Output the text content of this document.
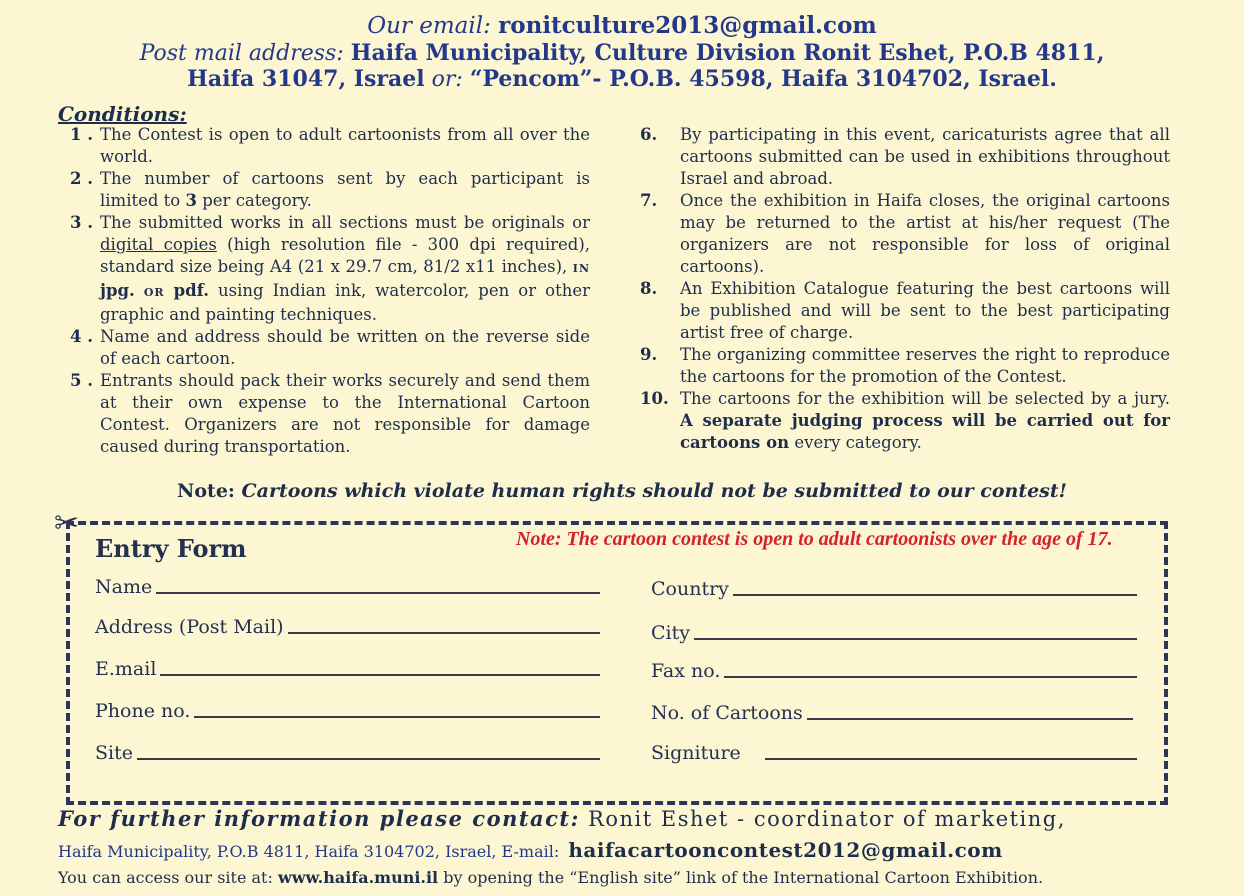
Our email: ronitculture2013@gmail.com
Post mail address: Haifa Municipality, Culture Division Ronit Eshet, P.O.B 4811,
Haifa 31047, Israel or: “Pencom”- P.O.B. 45598, Haifa 3104702, Israel.
Conditions:
1 . The Contest is open to adult cartoonists from all over the world.
2 . The number of cartoons sent by each participant is limited to 3 per category.
3 . The submitted works in all sections must be originals or digital copies (high resolution file - 300 dpi required), standard size being A4 (21 x 29.7 cm, 81/2 x11 inches), IN jpg. OR pdf. using Indian ink, watercolor, pen or other graphic and painting techniques.
4 . Name and address should be written on the reverse side of each cartoon.
5 . Entrants should pack their works securely and send them at their own expense to the International Cartoon Contest. Organizers are not responsible for damage caused during transportation.
6.	By participating in this event, caricaturists agree that all cartoons submitted can be used in exhibitions throughout Israel and abroad.
7.	Once the exhibition in Haifa closes, the original cartoons may be returned to the artist at his/her request (The organizers are not responsible for loss of original cartoons).
8.	An Exhibition Catalogue featuring the best cartoons will be published and will be sent to the best participating artist free of charge.
9.	The organizing committee reserves the right to reproduce the cartoons for the promotion of the Contest.
10. The cartoons for the exhibition will be selected by a jury. A separate judging process will be carried out for cartoons on every category.
Note: Cartoons which violate human rights should not be submitted to our contest!
✂
Entry Form	Note: The cartoon contest is open to adult cartoonists over the age of 17.
Name
Address (Post Mail)
E.mail
Phone no.
Site
Country
City
Fax no.
No. of Cartoons
Signiture
For further information please contact: Ronit Eshet - coordinator of marketing,
Haifa Municipality, P.O.B 4811, Haifa 3104702, Israel, E-mail: haifacartooncontest2012@gmail.com
You can access our site at: www.haifa.muni.il by opening the “English site” link of the International Cartoon Exhibition.
